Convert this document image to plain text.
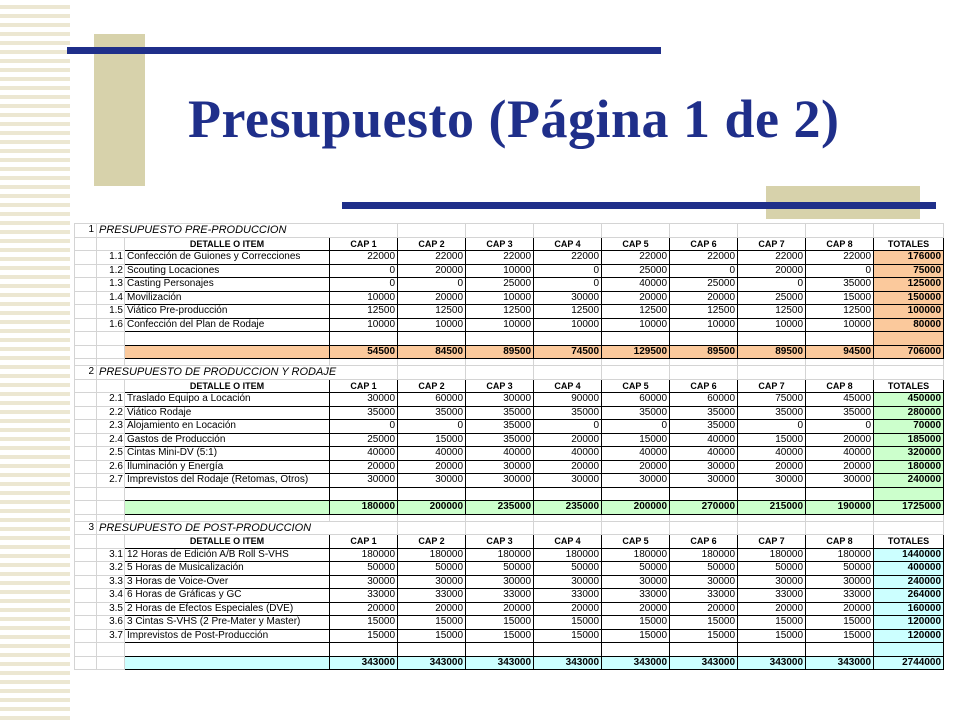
Presupuesto (Página 1 de 2)
1	PRESUPUESTO PRE-PRODUCCION										
		DETALLE O ITEM	CAP 1	CAP 2	CAP 3	CAP 4	CAP 5	CAP 6	CAP 7	CAP 8	TOTALES
	1.1	Confección de Guiones y Correcciones	22000	22000	22000	22000	22000	22000	22000	22000	176000
	1.2	Scouting Locaciones	0	20000	10000	0	25000	0	20000	0	75000
	1.3	Casting Personajes	0	0	25000	0	40000	25000	0	35000	125000
	1.4	Movilización	10000	20000	10000	30000	20000	20000	25000	15000	150000
	1.5	Viático Pre-producción	12500	12500	12500	12500	12500	12500	12500	12500	100000
	1.6	Confección del Plan de Rodaje	10000	10000	10000	10000	10000	10000	10000	10000	80000

			54500	84500	89500	74500	129500	89500	89500	94500	706000

2	PRESUPUESTO DE PRODUCCION Y RODAJE										
		DETALLE O ITEM	CAP 1	CAP 2	CAP 3	CAP 4	CAP 5	CAP 6	CAP 7	CAP 8	TOTALES
	2.1	Traslado Equipo a Locación	30000	60000	30000	90000	60000	60000	75000	45000	450000
	2.2	Viático Rodaje	35000	35000	35000	35000	35000	35000	35000	35000	280000
	2.3	Alojamiento en Locación	0	0	35000	0	0	35000	0	0	70000
	2.4	Gastos de Producción	25000	15000	35000	20000	15000	40000	15000	20000	185000
	2.5	Cintas Mini-DV (5:1)	40000	40000	40000	40000	40000	40000	40000	40000	320000
	2.6	Iluminación y Energía	20000	20000	30000	20000	20000	30000	20000	20000	180000
	2.7	Imprevistos del Rodaje (Retomas, Otros)	30000	30000	30000	30000	30000	30000	30000	30000	240000

			180000	200000	235000	235000	200000	270000	215000	190000	1725000

3	PRESUPUESTO DE POST-PRODUCCION										
		DETALLE O ITEM	CAP 1	CAP 2	CAP 3	CAP 4	CAP 5	CAP 6	CAP 7	CAP 8	TOTALES
	3.1	12 Horas de Edición A/B Roll S-VHS	180000	180000	180000	180000	180000	180000	180000	180000	1440000
	3.2	5 Horas de Musicalización	50000	50000	50000	50000	50000	50000	50000	50000	400000
	3.3	3 Horas de Voice-Over	30000	30000	30000	30000	30000	30000	30000	30000	240000
	3.4	6 Horas de Gráficas y GC	33000	33000	33000	33000	33000	33000	33000	33000	264000
	3.5	2 Horas de Efectos Especiales (DVE)	20000	20000	20000	20000	20000	20000	20000	20000	160000
	3.6	3 Cintas S-VHS (2 Pre-Mater y Master)	15000	15000	15000	15000	15000	15000	15000	15000	120000
	3.7	Imprevistos de Post-Producción	15000	15000	15000	15000	15000	15000	15000	15000	120000

			343000	343000	343000	343000	343000	343000	343000	343000	2744000
